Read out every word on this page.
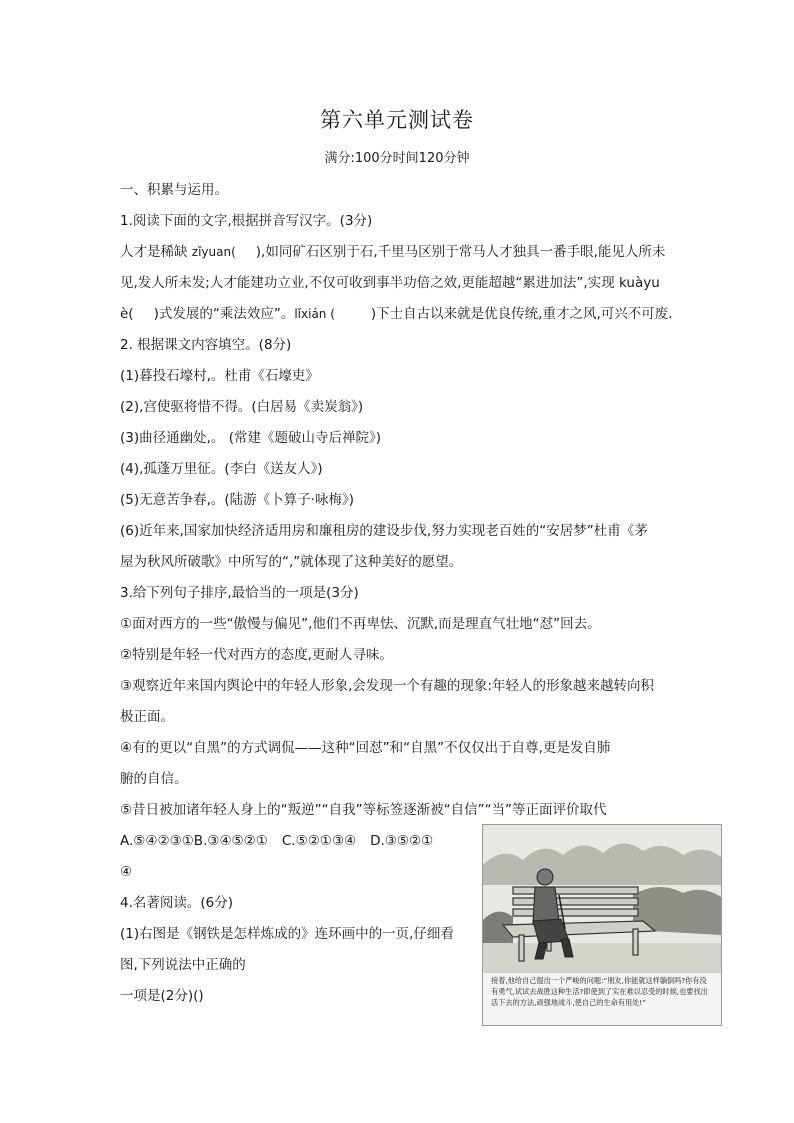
第六单元测试卷
满分:100分时间120分钟
一、积累与运用。
1.阅读下面的文字,根据拼音写汉字。(3分)
人才是稀缺 zǐyuan( ),如同矿石区别于石,千里马区别于常马人才独具一番手眼,能见人所未
见,发人所未发;人才能建功立业,不仅可收到事半功倍之效,更能超越“累进加法”,实现 kuàyu
è( )式发展的“乘法效应”。lǐxián (	)下士自古以来就是优良传统,重才之风,可兴不可废.
2. 根据课文内容填空。(8分)
(1)暮投石壕村,。杜甫《石壕吏》
(2),宫使驱将惜不得。(白居易《卖炭翁》)
(3)曲径通幽处,。 (常建《题破山寺后禅院》)
(4),孤蓬万里征。(李白《送友人》)
(5)无意苦争春,。(陆游《卜算子·咏梅》)
(6)近年来,国家加快经济适用房和廉租房的建设步伐,努力实现老百姓的“安居梦”杜甫《茅
屋为秋风所破歌》中所写的“,”就体现了这种美好的愿望。
3.给下列句子排序,最恰当的一项是(3分)
①面对西方的一些“傲慢与偏见”,他们不再卑怯、沉默,而是理直气壮地“怼”回去。
②特别是年轻一代对西方的态度,更耐人寻味。
③观察近年来国内舆论中的年轻人形象,会发现一个有趣的现象:年轻人的形象越来越转向积
极正面。
④有的更以“自黑”的方式调侃——这种“回怼”和“自黑”不仅仅出于自尊,更是发自肺
腑的自信。
⑤昔日被加诸年轻人身上的“叛逆”“自我”等标签逐渐被“自信”“当”等正面评价取代
A.⑤④②③①B.③④⑤②① C.⑤②①③④ D.③⑤②①
④
4.名著阅读。(6分)
(1)右图是《钢铁是怎样炼成的》连环画中的一页,仔细看
图,下列说法中正确的
一项是(2分)()
接着,他给自己提出一个严峻的问题:“朋友,你能就这样躺倒吗?你有没有勇气,试试去战胜这种生活?即使到了实在难以忍受的时候,也要找出活下去的方法,顽强地战斗,使自己的生命有用处!”
